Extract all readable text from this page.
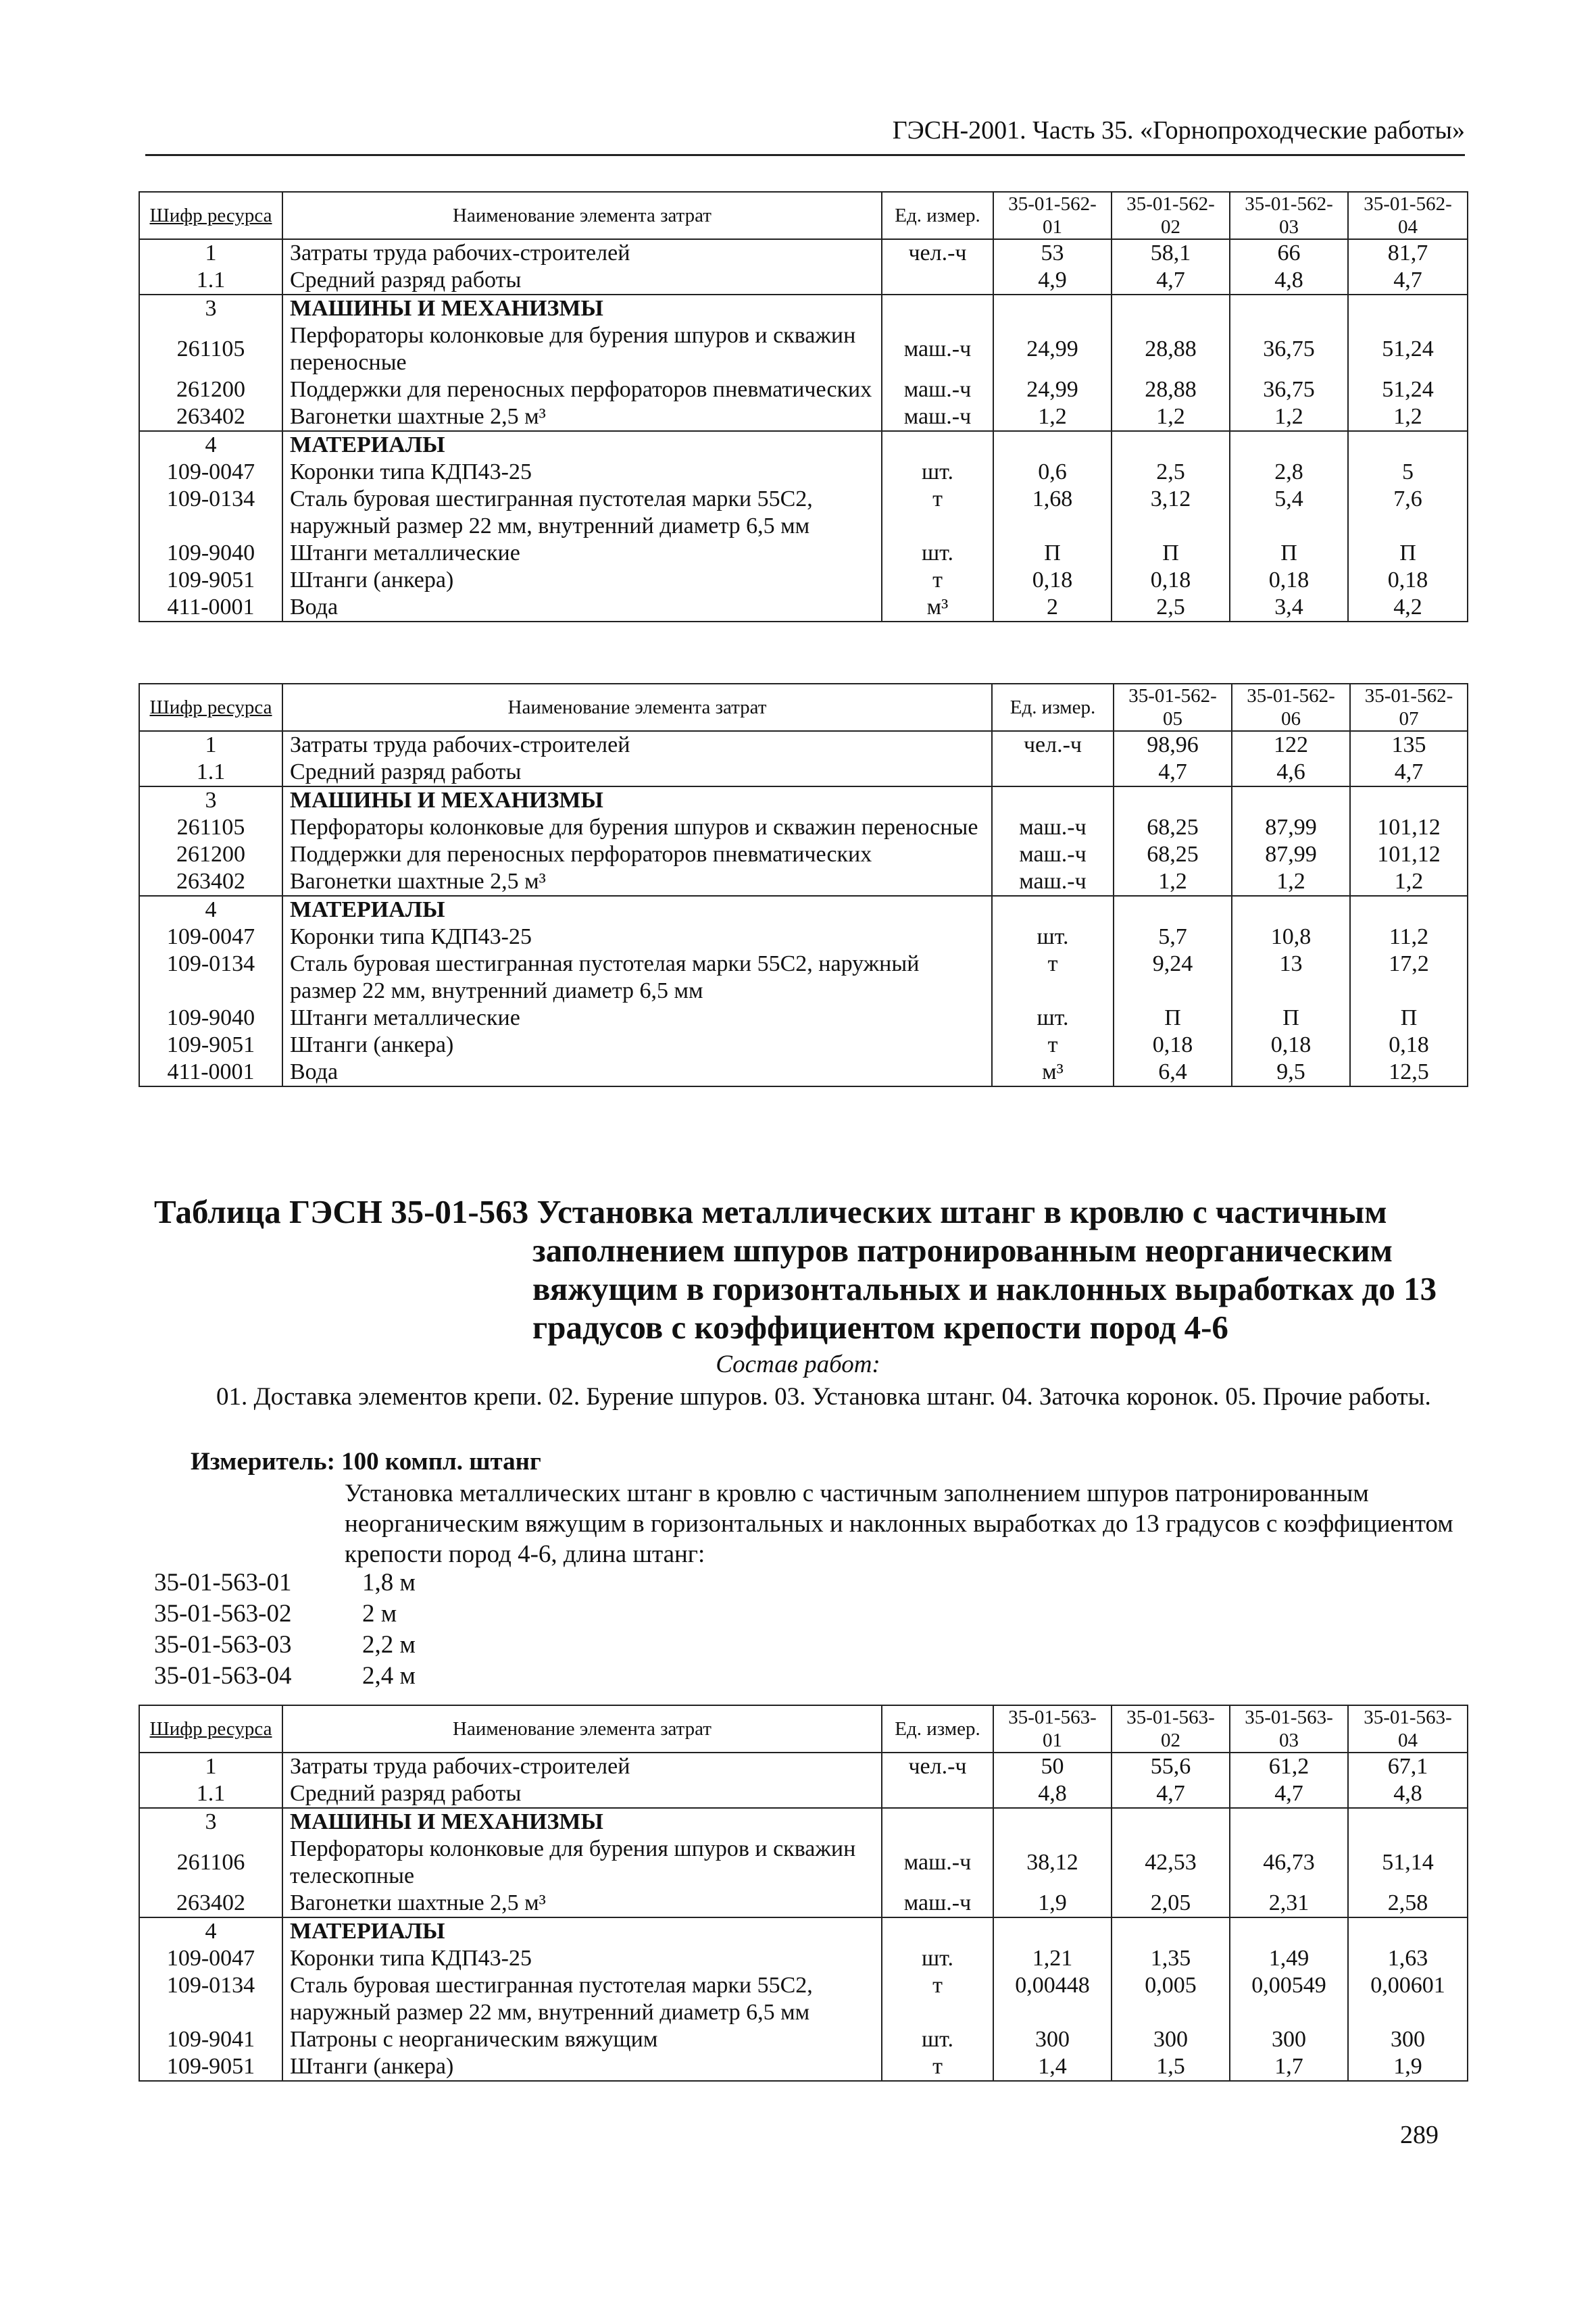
ГЭСН-2001. Часть 35. «Горнопроходческие работы»
Шифр ресурса	Наименование элемента затрат	Ед. измер.	35-01-562-01	35-01-562-02	35-01-562-03	35-01-562-04
1	Затраты труда рабочих-строителей	чел.-ч	53	58,1	66	81,7
1.1	Средний разряд работы		4,9	4,7	4,8	4,7
3	МАШИНЫ И МЕХАНИЗМЫ					
261105	Перфораторы колонковые для бурения шпуров и скважин переносные	маш.-ч	24,99	28,88	36,75	51,24
261200	Поддержки для переносных перфораторов пневматических	маш.-ч	24,99	28,88	36,75	51,24
263402	Вагонетки шахтные 2,5 м³	маш.-ч	1,2	1,2	1,2	1,2
4	МАТЕРИАЛЫ					
109-0047	Коронки типа КДП43-25	шт.	0,6	2,5	2,8	5
109-0134	Сталь буровая шестигранная пустотелая марки 55С2, наружный размер 22 мм, внутренний диаметр 6,5 мм	т	1,68	3,12	5,4	7,6
109-9040	Штанги металлические	шт.	П	П	П	П
109-9051	Штанги (анкера)	т	0,18	0,18	0,18	0,18
411-0001	Вода	м³	2	2,5	3,4	4,2
Шифр ресурса	Наименование элемента затрат	Ед. измер.	35-01-562-05	35-01-562-06	35-01-562-07
1	Затраты труда рабочих-строителей	чел.-ч	98,96	122	135
1.1	Средний разряд работы		4,7	4,6	4,7
3	МАШИНЫ И МЕХАНИЗМЫ				
261105	Перфораторы колонковые для бурения шпуров и скважин переносные	маш.-ч	68,25	87,99	101,12
261200	Поддержки для переносных перфораторов пневматических	маш.-ч	68,25	87,99	101,12
263402	Вагонетки шахтные 2,5 м³	маш.-ч	1,2	1,2	1,2
4	МАТЕРИАЛЫ				
109-0047	Коронки типа КДП43-25	шт.	5,7	10,8	11,2
109-0134	Сталь буровая шестигранная пустотелая марки 55С2, наружный размер 22 мм, внутренний диаметр 6,5 мм	т	9,24	13	17,2
109-9040	Штанги металлические	шт.	П	П	П
109-9051	Штанги (анкера)	т	0,18	0,18	0,18
411-0001	Вода	м³	6,4	9,5	12,5
Таблица ГЭСН 35-01-563 Установка металлических штанг в кровлю с частичным
заполнением шпуров патронированным неорганическим вяжущим в горизонтальных и наклонных выработках до 13 градусов с коэффициентом крепости пород 4-6
Состав работ:
01. Доставка элементов крепи. 02. Бурение шпуров. 03. Установка штанг. 04. Заточка коронок. 05. Прочие работы.
Измеритель: 100 компл. штанг
Установка металлических штанг в кровлю с частичным заполнением шпуров патронированным неорганическим вяжущим в горизонтальных и наклонных выработках до 13 градусов с коэффициентом крепости пород 4-6, длина штанг:
35-01-563-01	1,8 м
35-01-563-02	2 м
35-01-563-03	2,2 м
35-01-563-04	2,4 м
Шифр ресурса	Наименование элемента затрат	Ед. измер.	35-01-563-01	35-01-563-02	35-01-563-03	35-01-563-04
1	Затраты труда рабочих-строителей	чел.-ч	50	55,6	61,2	67,1
1.1	Средний разряд работы		4,8	4,7	4,7	4,8
3	МАШИНЫ И МЕХАНИЗМЫ					
261106	Перфораторы колонковые для бурения шпуров и скважин телескопные	маш.-ч	38,12	42,53	46,73	51,14
263402	Вагонетки шахтные 2,5 м³	маш.-ч	1,9	2,05	2,31	2,58
4	МАТЕРИАЛЫ					
109-0047	Коронки типа КДП43-25	шт.	1,21	1,35	1,49	1,63
109-0134	Сталь буровая шестигранная пустотелая марки 55С2, наружный размер 22 мм, внутренний диаметр 6,5 мм	т	0,00448	0,005	0,00549	0,00601
109-9041	Патроны с неорганическим вяжущим	шт.	300	300	300	300
109-9051	Штанги (анкера)	т	1,4	1,5	1,7	1,9
289
